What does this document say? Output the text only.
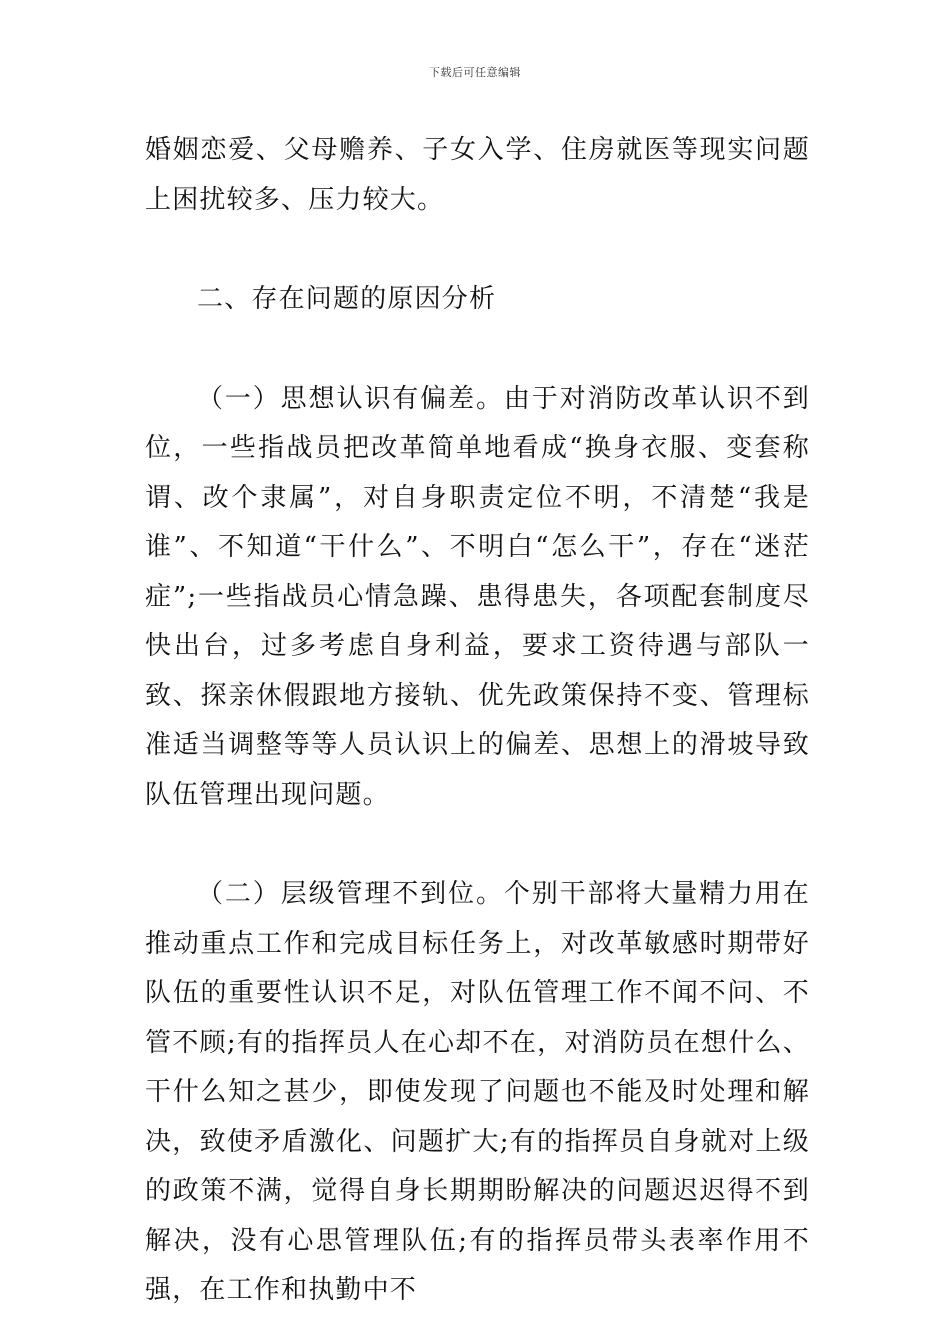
下载后可任意编辑

婚姻恋爱、父母赡养、子女入学、住房就医等现实问题上困扰较多、压力较大。

二、存在问题的原因分析

（一）思想认识有偏差。由于对消防改革认识不到位，一些指战员把改革简单地看成“换身衣服、变套称谓、改个隶属”，对自身职责定位不明，不清楚“我是谁”、不知道“干什么”、不明白“怎么干”，存在“迷茫症”;一些指战员心情急躁、患得患失，各项配套制度尽快出台，过多考虑自身利益，要求工资待遇与部队一致、探亲休假跟地方接轨、优先政策保持不变、管理标准适当调整等等人员认识上的偏差、思想上的滑坡导致队伍管理出现问题。

（二）层级管理不到位。个别干部将大量精力用在推动重点工作和完成目标任务上，对改革敏感时期带好队伍的重要性认识不足，对队伍管理工作不闻不问、不管不顾;有的指挥员人在心却不在，对消防员在想什么、干什么知之甚少，即使发现了问题也不能及时处理和解决，致使矛盾激化、问题扩大;有的指挥员自身就对上级的政策不满，觉得自身长期期盼解决的问题迟迟得不到解决，没有心思管理队伍;有的指挥员带头表率作用不强，在工作和执勤中不
